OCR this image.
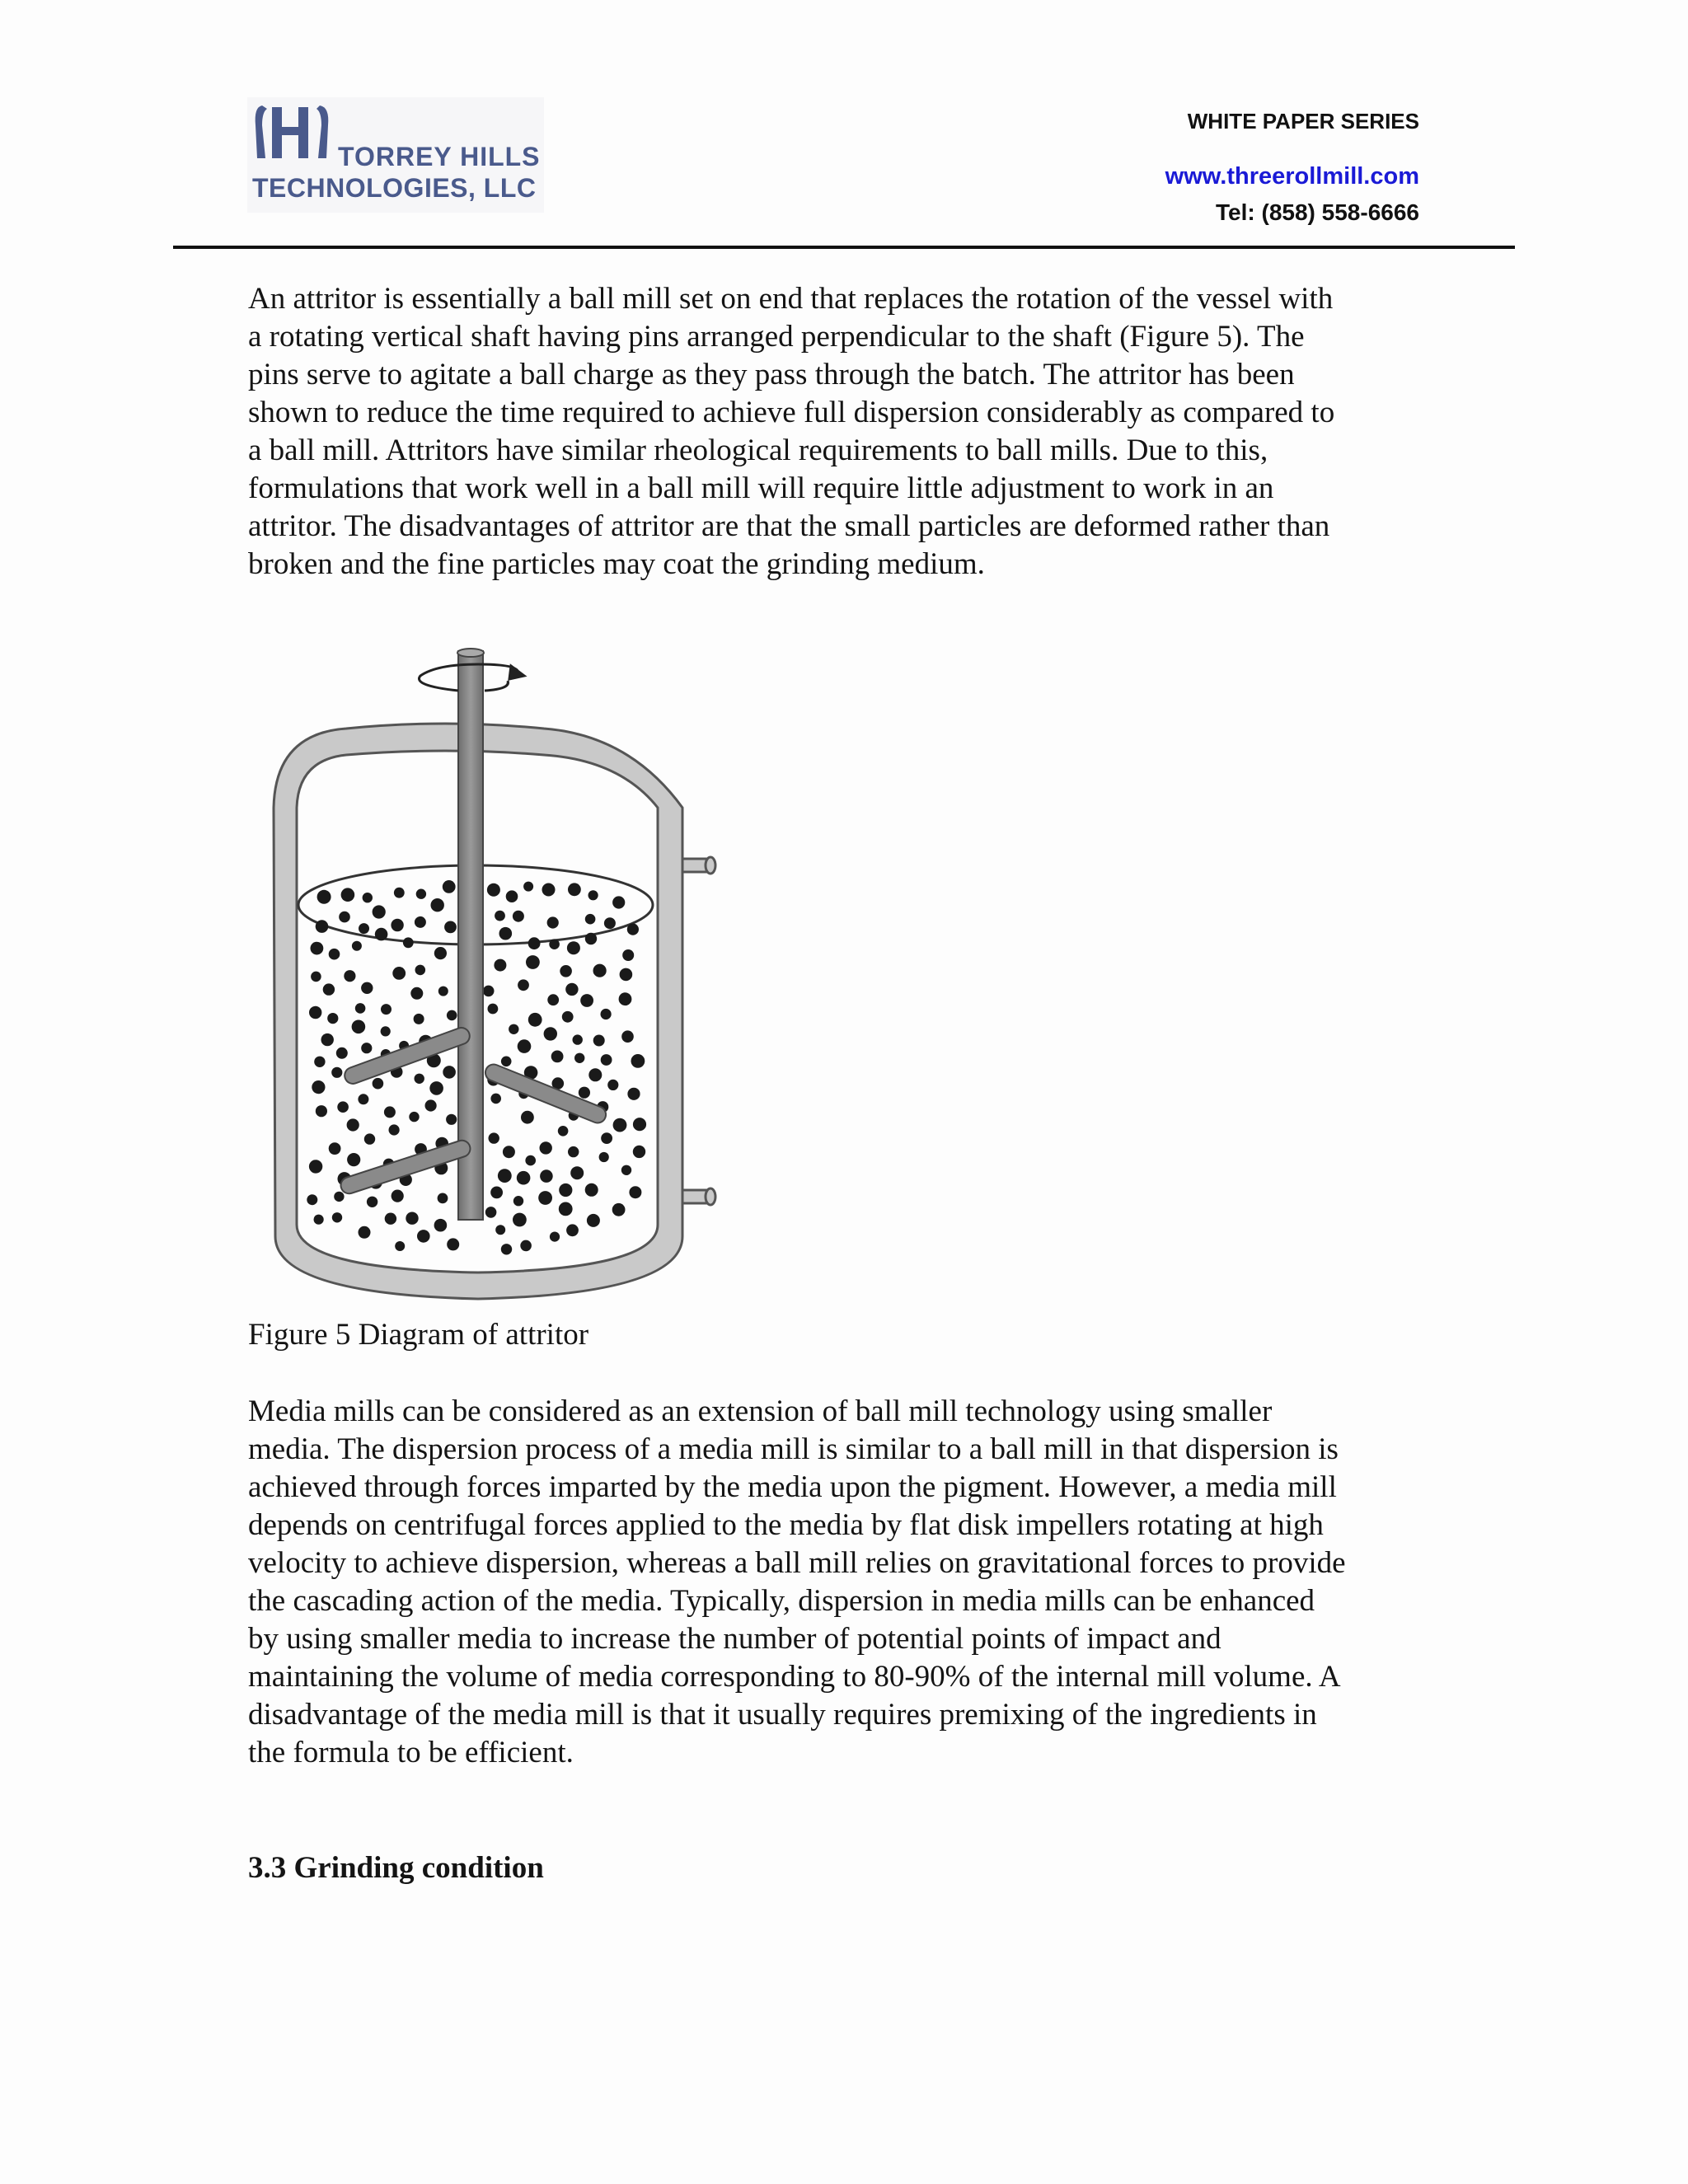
TORREY HILLS
TECHNOLOGIES, LLC
WHITE PAPER SERIES
www.threerollmill.com
Tel: (858) 558-6666
An attritor is essentially a ball mill set on end that replaces the rotation of the vessel with
a rotating vertical shaft having pins arranged perpendicular to the shaft (Figure 5). The
pins serve to agitate a ball charge as they pass through the batch. The attritor has been
shown to reduce the time required to achieve full dispersion considerably as compared to
a ball mill. Attritors have similar rheological requirements to ball mills. Due to this,
formulations that work well in a ball mill will require little adjustment to work in an
attritor. The disadvantages of attritor are that the small particles are deformed rather than
broken and the fine particles may coat the grinding medium.
Figure 5 Diagram of attritor
Media mills can be considered as an extension of ball mill technology using smaller
media. The dispersion process of a media mill is similar to a ball mill in that dispersion is
achieved through forces imparted by the media upon the pigment. However, a media mill
depends on centrifugal forces applied to the media by flat disk impellers rotating at high
velocity to achieve dispersion, whereas a ball mill relies on gravitational forces to provide
the cascading action of the media. Typically, dispersion in media mills can be enhanced
by using smaller media to increase the number of potential points of impact and
maintaining the volume of media corresponding to 80-90% of the internal mill volume. A
disadvantage of the media mill is that it usually requires premixing of the ingredients in
the formula to be efficient.
3.3 Grinding condition
